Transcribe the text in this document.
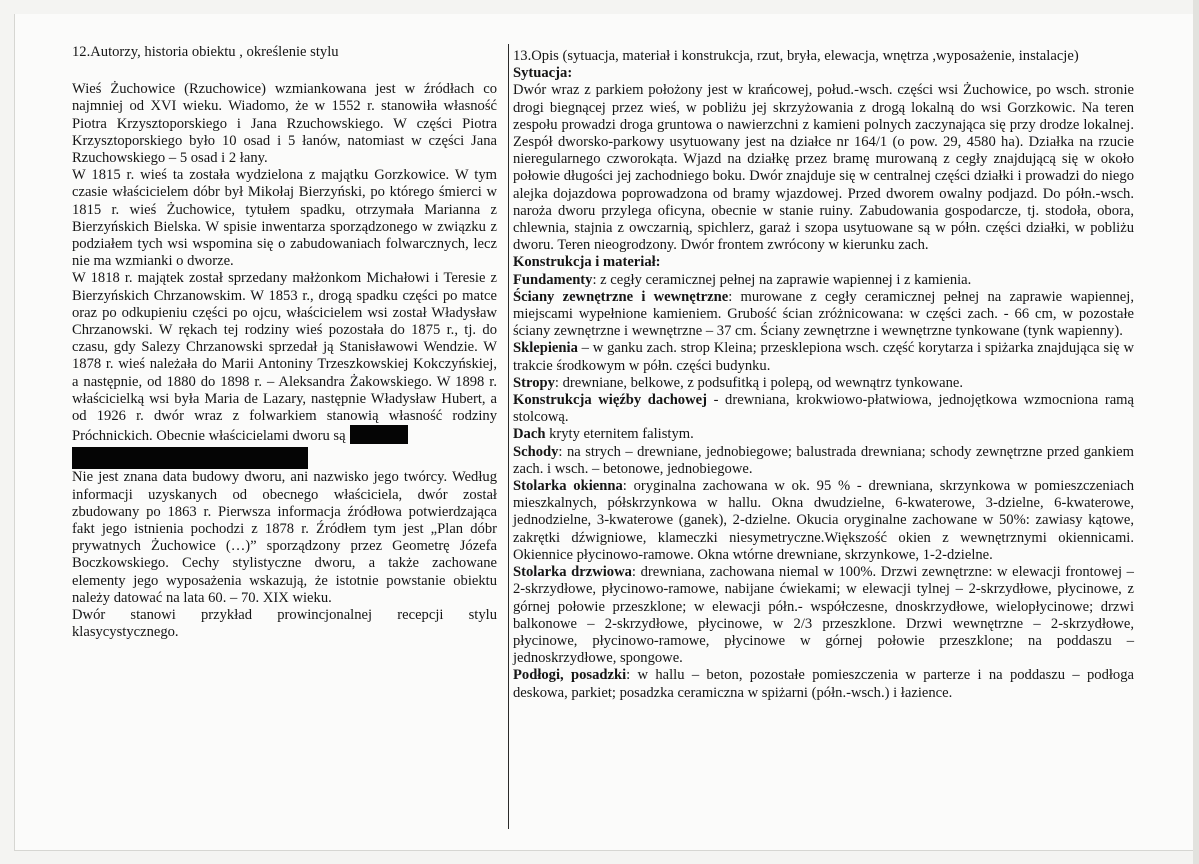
12.Autorzy, historia obiektu , określenie stylu

Wieś Żuchowice (Rzuchowice) wzmiankowana jest w źródłach co najmniej od XVI wieku. Wiadomo, że w 1552 r. stanowiła własność Piotra Krzysztoporskiego i Jana Rzuchowskiego. W części Piotra Krzysztoporskiego było 10 osad i 5 łanów, natomiast w części Jana Rzuchowskiego – 5 osad i 2 łany.

W 1815 r. wieś ta została wydzielona z majątku Gorzkowice. W tym czasie właścicielem dóbr był Mikołaj Bierzyński, po którego śmierci w 1815 r. wieś Żuchowice, tytułem spadku, otrzymała Marianna z Bierzyńskich Bielska. W spisie inwentarza sporządzonego w związku z podziałem tych wsi wspomina się o zabudowaniach folwarcznych, lecz nie ma wzmianki o dworze.

W 1818 r. majątek został sprzedany małżonkom Michałowi i Teresie z Bierzyńskich Chrzanowskim. W 1853 r., drogą spadku części po matce oraz po odkupieniu części po ojcu, właścicielem wsi został Władysław Chrzanowski. W rękach tej rodziny wieś pozostała do 1875 r., tj. do czasu, gdy Salezy Chrzanowski sprzedał ją Stanisławowi Wendzie. W 1878 r. wieś należała do Marii Antoniny Trzeszkowskiej Kokczyńskiej, a następnie, od 1880 do 1898 r. – Aleksandra Żakowskiego. W 1898 r. właścicielką wsi była Maria de Lazary, następnie Władysław Hubert, a od 1926 r. dwór wraz z folwarkiem stanowią własność rodziny Próchnickich. Obecnie właścicielami dworu są

Nie jest znana data budowy dworu, ani nazwisko jego twórcy. Według informacji uzyskanych od obecnego właściciela, dwór został zbudowany po 1863 r. Pierwsza informacja źródłowa potwierdzająca fakt jego istnienia pochodzi z 1878 r. Źródłem tym jest „Plan dóbr prywatnych Żuchowice (…)” sporządzony przez Geometrę Józefa Boczkowskiego. Cechy stylistyczne dworu, a także zachowane elementy jego wyposażenia wskazują, że istotnie powstanie obiektu należy datować na lata 60. – 70. XIX wieku.

Dwór stanowi przykład prowincjonalnej recepcji stylu klasycystycznego.

13.Opis (sytuacja, materiał i konstrukcja, rzut, bryła, elewacja, wnętrza ,wyposażenie, instalacje)

Sytuacja:

Dwór wraz z parkiem położony jest w krańcowej, połud.-wsch. części wsi Żuchowice, po wsch. stronie drogi biegnącej przez wieś, w pobliżu jej skrzyżowania z drogą lokalną do wsi Gorzkowic. Na teren zespołu prowadzi droga gruntowa o nawierzchni z kamieni polnych zaczynająca się przy drodze lokalnej. Zespół dworsko-parkowy usytuowany jest na działce nr 164/1 (o pow. 29, 4580 ha). Działka na rzucie nieregularnego czworokąta. Wjazd na działkę przez bramę murowaną z cegły znajdującą się w około połowie długości jej zachodniego boku. Dwór znajduje się w centralnej części działki i prowadzi do niego alejka dojazdowa poprowadzona od bramy wjazdowej. Przed dworem owalny podjazd. Do półn.-wsch. naroża dworu przylega oficyna, obecnie w stanie ruiny. Zabudowania gospodarcze, tj. stodoła, obora, chlewnia, stajnia z owczarnią, spichlerz, garaż i szopa usytuowane są w półn. części działki, w pobliżu dworu. Teren nieogrodzony. Dwór frontem zwrócony w kierunku zach.

Konstrukcja i materiał:

Fundamenty: z cegły ceramicznej pełnej na zaprawie wapiennej i z kamienia.

Ściany zewnętrzne i wewnętrzne: murowane z cegły ceramicznej pełnej na zaprawie wapiennej, miejscami wypełnione kamieniem. Grubość ścian zróżnicowana: w części zach. - 66 cm, w pozostałe ściany zewnętrzne i wewnętrzne – 37 cm. Ściany zewnętrzne i wewnętrzne tynkowane (tynk wapienny).

Sklepienia – w ganku zach. strop Kleina; przesklepiona wsch. część korytarza i spiżarka znajdująca się w trakcie środkowym w półn. części budynku.

Stropy: drewniane, belkowe, z podsufitką i polepą, od wewnątrz tynkowane.

Konstrukcja więźby dachowej - drewniana, krokwiowo-płatwiowa, jednojętkowa wzmocniona ramą stolcową.

Dach kryty eternitem falistym.

Schody: na strych – drewniane, jednobiegowe; balustrada drewniana; schody zewnętrzne przed gankiem zach. i wsch. – betonowe, jednobiegowe.

Stolarka okienna: oryginalna zachowana w ok. 95 % - drewniana, skrzynkowa w pomieszczeniach mieszkalnych, półskrzynkowa w hallu. Okna dwudzielne, 6-kwaterowe, 3-dzielne, 6-kwaterowe, jednodzielne, 3-kwaterowe (ganek), 2-dzielne. Okucia oryginalne zachowane w 50%: zawiasy kątowe, zakrętki dźwigniowe, klameczki niesymetryczne.Większość okien z wewnętrznymi okiennicami. Okiennice płycinowo-ramowe. Okna wtórne drewniane, skrzynkowe, 1-2-dzielne.

Stolarka drzwiowa: drewniana, zachowana niemal w 100%. Drzwi zewnętrzne: w elewacji frontowej – 2-skrzydłowe, płycinowo-ramowe, nabijane ćwiekami; w elewacji tylnej – 2-skrzydłowe, płycinowe, z górnej połowie przeszklone; w elewacji półn.- współczesne, dnoskrzydłowe, wielopłycinowe; drzwi balkonowe – 2-skrzydłowe, płycinowe, w 2/3 przeszklone. Drzwi wewnętrzne – 2-skrzydłowe, płycinowe, płycinowo-ramowe, płycinowe w górnej połowie przeszklone; na poddaszu – jednoskrzydłowe, spongowe.

Podłogi, posadzki: w hallu – beton, pozostałe pomieszczenia w parterze i na poddaszu – podłoga deskowa, parkiet; posadzka ceramiczna w spiżarni (półn.-wsch.) i łazience.
